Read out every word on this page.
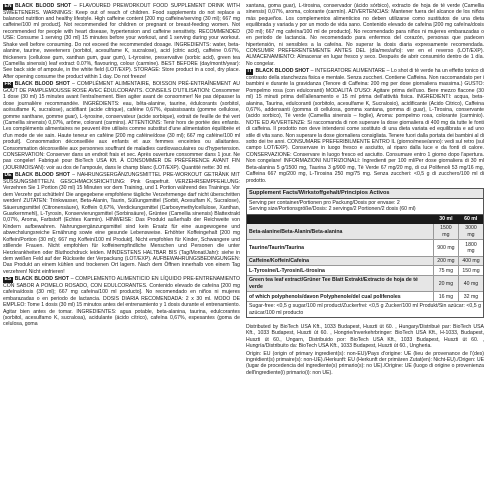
EN BLACK BLOOD SHOT – FLAVOURED PREWORKOUT FOOD SUPPLEMENT DRINK WITH SWEETENERS. WARNINGS: Keep out of reach of children. Food supplements do not replace a balanced nutrition and healthy lifestyle. High caffeine content [200 mg caffeine/serving (30 ml); 667 mg caffeine/100 ml product]. Not recommended for children or pregnant or breast-feeding women. Not recommended for people with heart disease, hypertension and caffeine sensitivity. RECOMMENDED USE: Consume 1 serving (30 ml) 15 minutes before your workout, and 1 serving during your workout. Shake well before consuming. Do not exceed the recommended dosage. INGREDIENTS: water, beta-alanine, taurine, sweeteners (sorbitol, acesulfame K, sucralose), acid (citric acid), caffeine 0.67%, thickeners (cellulose gum, xanthan gum, guar gum), L-tyrosine, preservative (sorbic acid), green tea (Camellia sinensis) leaf extract 0.07%, flavouring, colour (carmine). BEST BEFORE (day/month/year): See back side of ampoule, in the white field (LOT/EXP). STORAGE: Store product in a cool, dry place. After opening consume the product within 1 day. Do not freeze!
FR BLACK BLOOD SHOT – COMPLÉMENT ALIMENTAIRE, BOISSON PRÉ-ENTRAÎNEMENT AU GOÛT DE PAMPLEMOUSSE ROSE AVEC ÉDULCORANTS. CONSEILS D'UTILISATION: Consommer 1 dose (30 ml) 15 minutes avant l'entraînement. Bien agiter avant de consommer! Ne pas dépasser la dose journalière recommandée. INGRÉDIENTS: eau, bêta-alanine, taurine, édulcorants (sorbitol, acésulfame K, sucralose), acidifiant (acide citrique), caféine 0,67%, épaississants (gomme cellulose, gomme xanthane, gomme guar), L-tyrosine, conservateur (acide sorbique), extrait de feuille de thé vert (Camellia sinensis) 0,07%, arôme, colorant (carmins). ATTENTIONS: Tenir hors de portée des enfants. Les compléments alimentaires ne peuvent être utilisés comme substitut d'une alimentation équilibrée et d'un mode de vie sain. Haute teneur en caféine [200 mg caféine/dose (30 ml); 667 mg caféine/100 ml produit]. Consommation déconseillée aux enfants et aux femmes enceintes ou allaitantes. Consommation déconseillée aux personnes souffrant de maladies cardiovasculaires ou d'hypertension. CONSERVATION: Conserver dans un endroit frais et sec. Après ouverture consommer dans 1 jour. Ne pas congeler! Fabriqué pour BioTech USA Kft. À CONSOMMER DE PRÉFÉRENCE AVANT FIN (JOUR/MOIS/AN): voir au dos de l'ampoule, dans le champ blanc (LOT/EXP). Quantité nette: 30 ml.
DE BLACK BLOOD SHOT – NAHRUNGSERGÄNZUNGSMITTEL PRE-WORKOUT GETRÄNK MIT SÜSSUNGSMITTELN. GESCHMACKSRICHTUNG: Pink Grapefruit. VERZEHRSEMPFEHLUNG: Verzehren Sie 1 Portion (30 ml) 15 Minuten vor dem Training, und 1 Portion während des Trainings. Vor dem Verzehr gut schütteln! Die angegebene empfohlene tägliche Verzehrmenge darf nicht überschritten werden! ZUTATEN: Trinkwasser, Beta-Alanin, Taurin, Süßungsmittel (Sorbit, Acesulfam K, Sucralose), Säuerungsmittel (Citronensäure), Koffein 0,67%, Verdickungsmittel (Carboxymethylcellulose, Xanthan, Guarkernmehl), L-Tyrosin, Konservierungsmittel (Sorbinsäure), Grüntee (Camellia sinensis) Blattextrakt 0,07%, Aroma, Farbstoff (Echtes Karmin). HINWEISE: Das Produkt außerhalb der Reichweite von Kindern aufbewahren. Nahrungsergänzungsmittel sind kein Ersatz für eine ausgewogene und abwechslungsreiche Ernährung sowie eine gesunde Lebensweise. Erhöhter Koffeingehalt [200 mg Koffein/Portion (30 ml); 667 mg Koffein/100 ml Produkt]. Nicht empfohlen für Kinder, Schwangere und stillende Frauen. Nicht empfohlen für koffeinempfindliche Menschen und Personen die unter Herzkrankheiten oder Bluthochdruck leiden. MINDESTENS HALTBAR BIS (Tag/Monat/Jahr): siehe in dem weißen Feld auf der Rückseite der Verpackung (LOT/EXP). AUFBEWAHRUNGSBEDINGUNGEN: Das Produkt an einem kühlen und trockenen Ort lagern. Nach dem Öffnen innerhalb von einem Tag verzehren! Nicht einfrieren!
ES BLACK BLOOD SHOT – COMPLEMENTO ALIMENTICIO EN LÍQUIDO PRE-ENTRENAMIENTO CON SABOR A POMELO ROSADO, CON EDULCORANTES. Contenido elevado de cafeína [200 mg cafeína/dosis (30 ml); 667 mg cafeína/100 ml producto]. No recomendado en niños ni mujeres embarazadas o en periodo de lactancia. DOSIS DIARIA RECOMENDADA: 2 x 30 ml. MODO DE EMPLEO: Tome 1 dosis (30 ml) 15 minutos antes del entrenamiento y 1 dosis durante el entrenamiento. Agitar bien antes de tomar. INGREDIENTES: agua potable, beta-alanina, taurina, edulcorantes (sorbitol, acesulfamo K, sucralosa), acidulante (ácido cítrico), cafeína 0,67%, espesantes (goma de celulosa, goma
xantana, goma guar), L-tirosina, conservador (ácido sórbico), extracto de hoja de té verde (Camellia sinensis) 0,07%, aroma, colorante (carmín). ADVERTENCIAS: Mantener fuera del alcance de los niños más pequeños. Los complementos alimenticios no deben utilizarse como sustitutos de una dieta equilibrada y variada y por un modo de vida sano. Contenido elevado de cafeína [200 mg cafeína/dosis (30 ml); 667 mg cafeína/100 ml de producto]. No recomendado para niños ni mujeres embarazadas o en periodo de lactancia. No recomendado para enfermos del corazón, personas que padecen hipertensión, ni sensibles a la cafeína. No superar la dosis diaria expresamente recomendada. CONSUMIR PREFERENTEMENTE ANTES DEL (día/mes/año): ver en el reverso (LOT/EXP). ALMACENAMIENTO: Almacenar en lugar fresco y seco. Después de abrir consumirlo dentro de 1 día. No congelar.
IT BLACK BLOOD SHOT – INTEGRATORE ALIMENTARE – Lo shot di tè verde ha un effetto tonico di contrasto della stanchezza fisica e mentale. Senza zuccheri. Contiene Caffeina. Non raccomandato per i bambini e durante la gravidanza (Tenore di Caffeina: 200 mg per dose giornaliera massima.) GUSTO: Pompelmo rosa (con edulcoranti) MODALITÀ D'USO: Agitare prima dell'uso. Bere mezzo flacone (30 ml) 15 minuti prima dell'allenamento e 15 ml prima dell'attività fisica. INGREDIENTI: acqua, beta-alanina, Taurina, edulcoranti (sorbitolo, acesulfame K, Sucralosio), acidificante (Acido Citrico), Caffeina 0,67%, addensanti (gomma di cellulosa, gomma xantana, gomma di guar), L-Tirosina, conservante (acido sorbico), Tè verde (Camellia sinensis – foglie), Aroma: pompelmo rosa, colorante (carminio). NOTE ED AVVERTENZE: Si raccomanda di non superare la dose giornaliera di 400 mg da tutte le fonti di caffeina. Il prodotto non deve intendersi come sostituto di una dieta variata ed equilibrata e ad uno stile di vita sano. Non superare la dose giornaliera consigliata. Tenere fuori dalla portata dei bambini al di sotto dei tre anni. CONSUMARE PREFERIBILMENTE ENTRO IL (giorno/mese/anno): vedi sul retro (sul campo LOT/EXP). Conservare in luogo fresco e asciutto, al riparo dalla luce e da fonti di calore. CONSERVAZIONE: Conservare in luogo fresco ed asciutto. Consumare entro 1 giorno dopo l'apertura. Non congelare! INFORMAZIONI NUTRIZIONALI: Ingredienti per 100 ml/Per dose giornaliera di 30 ml Beta-alanina 5 g/1500 mg, Taurina 3 g/900 mg, Tè Verde 67 mg/20 mg, di cui Polifenoli 53 mg/16 mg, Caffeina 667 mg/200 mg, L-Tirosina 250 mg/75 mg. Senza zuccheri: <0,5 g di zucchero/100 ml di prodotto.
Supplement Facts/Wirkstoffgehalt/Principios Activos
Serving per container/Portionen pro Packung/Dosis por envase: 2
Serving size/Portionsgröße/Dosis: 2 servings/2 Portionen/2 dosis (60 ml)
	30 ml	60 ml
Beta-alanine/Beta-Alanin/Beta-alanina	1500 mg	3000 mg
Taurine/Taurin/Taurina	900 mg	1800 mg
Caffeine/Koffein/Cafeína	200 mg	400 mg
L-Tyrosine/L-Tyrosin/L-tirosina	75 mg	150 mg
Green tea leaf extract/Grüner Tee Blatt Extrakt/Extracto de hoja de té verde	20 mg	40 mg
of which polyphenols/davon Polyphenole/del cual polifenoles	16 mg	32 mg
Sugar-free: <0,5 g sugar/100 ml product/Zuckerfrei: <0,5 g Zucker/100 ml Produkt/Sin azúcar: <0,5 g azúcar/100 ml producto
Distributed by BioTech USA Kft., 1033 Budapest, Huszti út 60. , Hungary/Distribué par: BioTech USA Kft., 1033 Budapest, Huszti út 60. , Hongrie/Inverkehrbringer: BioTech USA Kft., H-1033, Budapest, Huszti út 60., Ungarn, Distribuido por: BioTech USA Kft., 1033 Budapest, Huszti út 60. , Hungría/Distribuito da: BioTech USA Kft., 1033 Budapest, Huszti út 60., Ungheria.
Origin: EU (origin of primary ingredient(s): non-EU)/Pays d'origine: UE (lieu de provenance de l'(des) ingrédient(s) primaire(s): non-UE)./Herkunft: EU (Herkunft der primären Zutat(en): Nicht-EU)./Origen: UE (lugar de procedencia del ingrediente(s) primario(s): no UE)./Origine: UE (luogo di origine o provenienza dell'ingrediente(i) primario(i): non UE).
